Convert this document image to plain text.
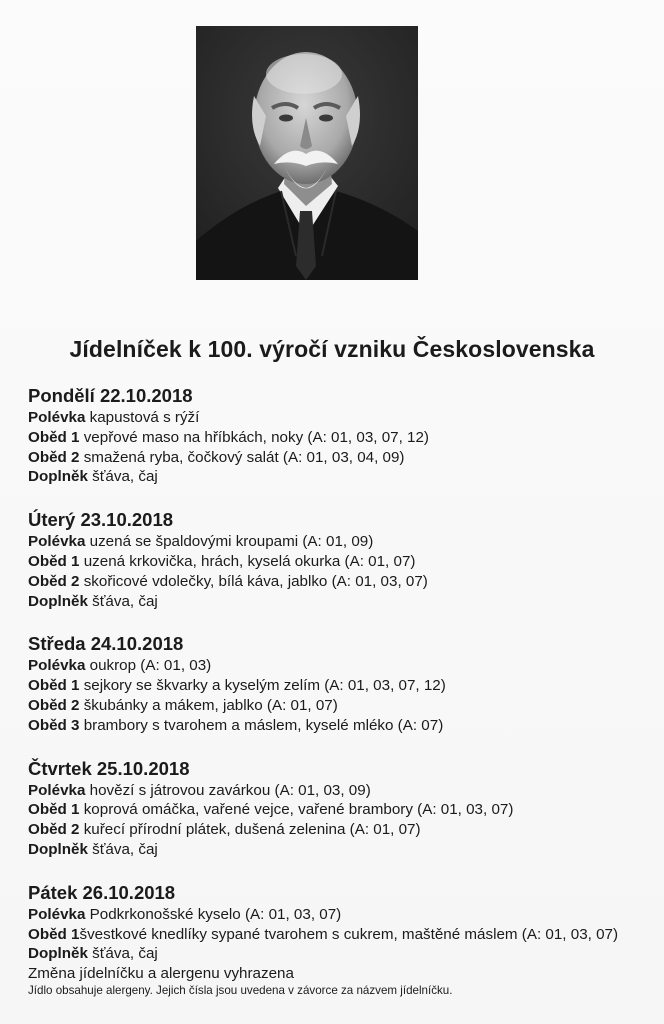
Jídelníček k 100. výročí vzniku Československa
Pondělí 22.10.2018
Polévka kapustová s rýží
Oběd 1 vepřové maso na hříbkách, noky (A: 01, 03, 07, 12)
Oběd 2 smažená ryba, čočkový salát (A: 01, 03, 04, 09)
Doplněk šťáva, čaj
Úterý 23.10.2018
Polévka uzená se špaldovými kroupami (A: 01, 09)
Oběd 1 uzená krkovička, hrách, kyselá okurka (A: 01, 07)
Oběd 2 skořicové vdolečky, bílá káva, jablko (A: 01, 03, 07)
Doplněk šťáva, čaj
Středa 24.10.2018
Polévka oukrop (A: 01, 03)
Oběd 1 sejkory se škvarky a kyselým zelím (A: 01, 03, 07, 12)
Oběd 2 škubánky a mákem, jablko (A: 01, 07)
Oběd 3 brambory s tvarohem a máslem, kyselé mléko (A: 07)
Čtvrtek 25.10.2018
Polévka hovězí s játrovou zavárkou (A: 01, 03, 09)
Oběd 1 koprová omáčka, vařené vejce, vařené brambory (A: 01, 03, 07)
Oběd 2 kuřecí přírodní plátek, dušená zelenina (A: 01, 07)
Doplněk šťáva, čaj
Pátek 26.10.2018
Polévka Podkrkonošské kyselo (A: 01, 03, 07)
Oběd 1 švestkové knedlíky sypané tvarohem s cukrem, maštěné máslem (A: 01, 03, 07)
Doplněk šťáva, čaj
Změna jídelníčku a alergenu vyhrazena
Jídlo obsahuje alergeny. Jejich čísla jsou uvedena v závorce za názvem jídelníčku.
